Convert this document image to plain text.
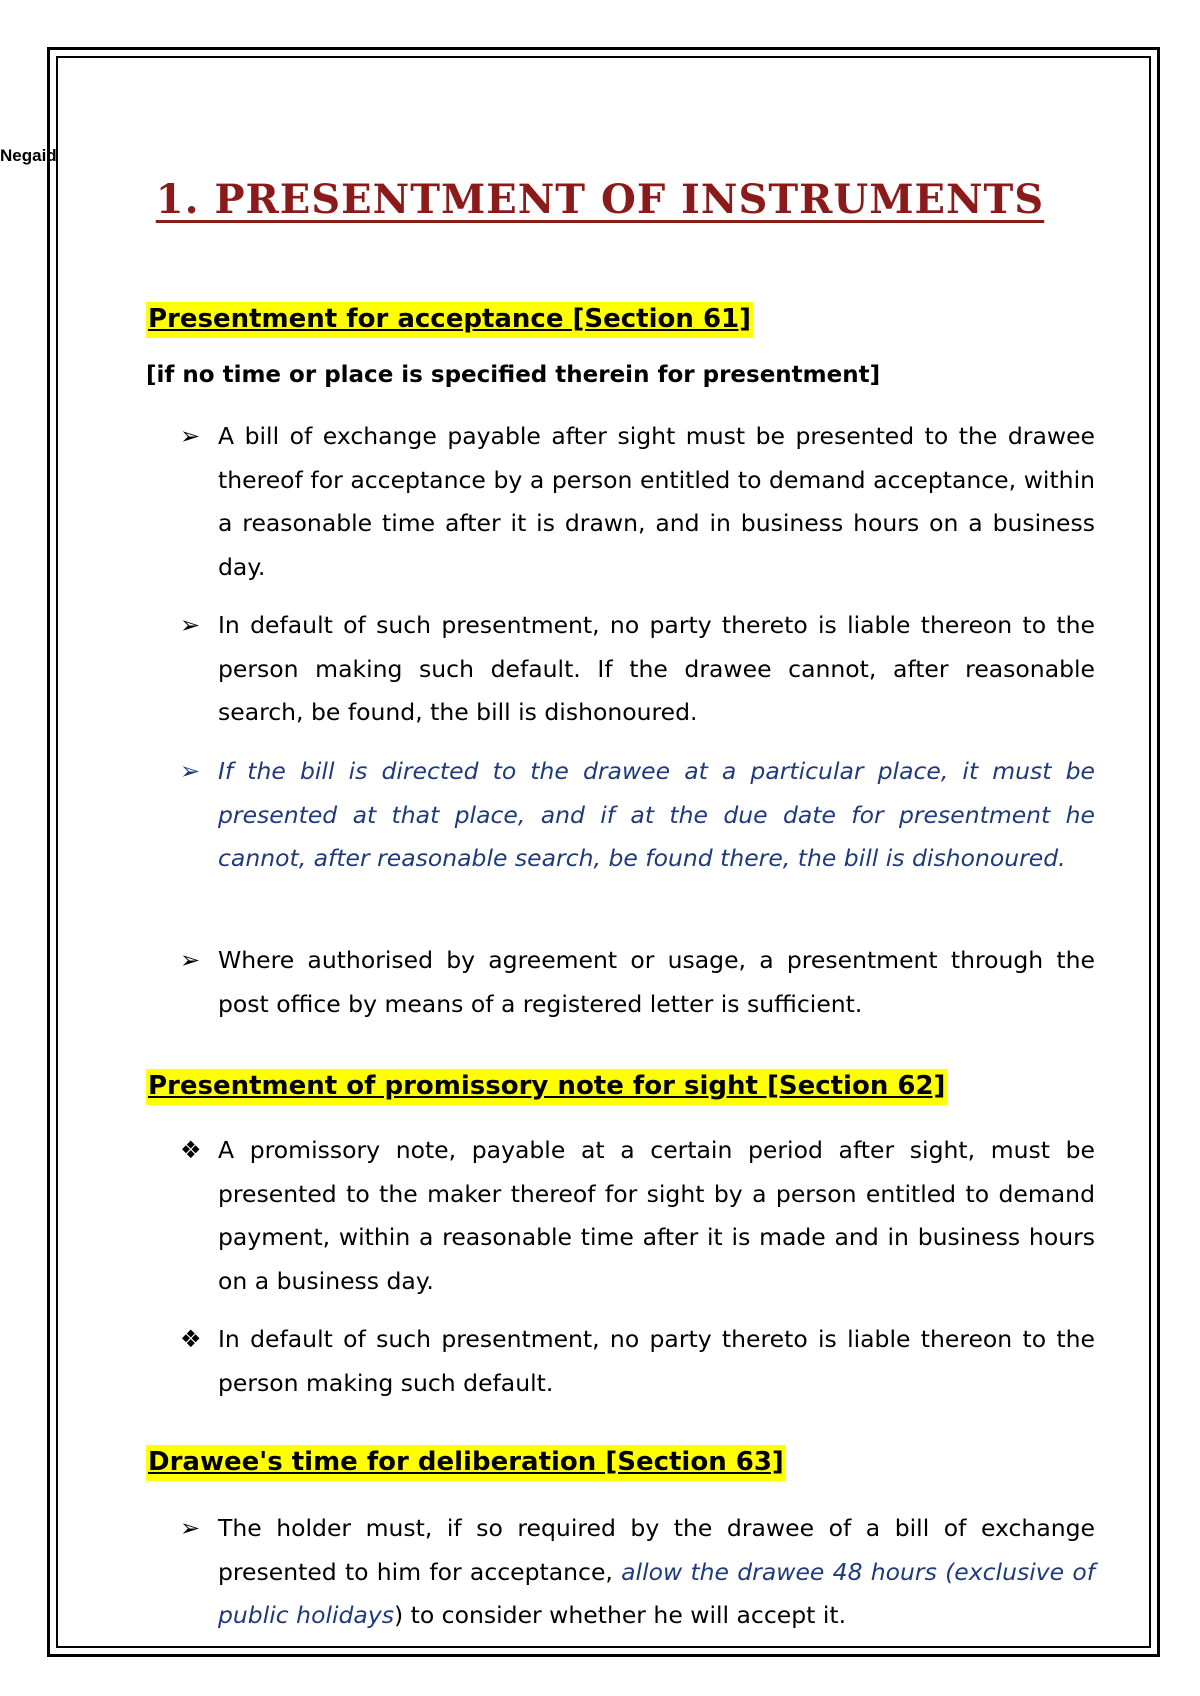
Negaid
1. PRESENTMENT OF INSTRUMENTS
Presentment for acceptance [Section 61]
[if no time or place is specified therein for presentment]
➢ A bill of exchange payable after sight must be presented to the drawee thereof for acceptance by a person entitled to demand acceptance, within a reasonable time after it is drawn, and in business hours on a business day.
➢ In default of such presentment, no party thereto is liable thereon to the person making such default. If the drawee cannot, after reasonable search, be found, the bill is dishonoured.
➢ If the bill is directed to the drawee at a particular place, it must be presented at that place, and if at the due date for presentment he cannot, after reasonable search, be found there, the bill is dishonoured.
➢ Where authorised by agreement or usage, a presentment through the post office by means of a registered letter is sufficient.
Presentment of promissory note for sight [Section 62]
❖ A promissory note, payable at a certain period after sight, must be presented to the maker thereof for sight by a person entitled to demand payment, within a reasonable time after it is made and in business hours on a business day.
❖ In default of such presentment, no party thereto is liable thereon to the person making such default.
Drawee's time for deliberation [Section 63]
➢ The holder must, if so required by the drawee of a bill of exchange presented to him for acceptance, allow the drawee 48 hours (exclusive of public holidays) to consider whether he will accept it.
